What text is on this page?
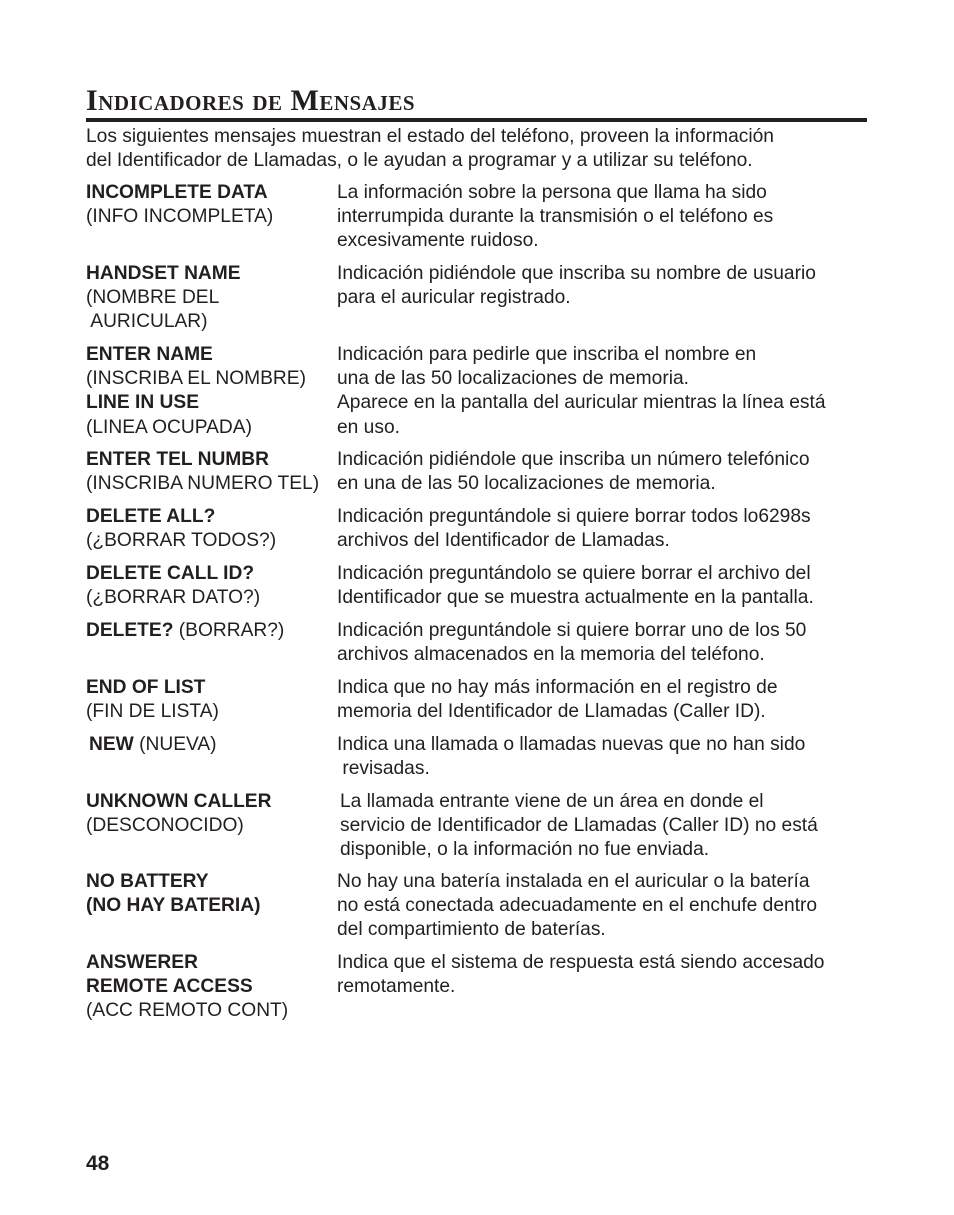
Indicadores de Mensajes
Los siguientes mensajes muestran el estado del teléfono, proveen la información
del Identificador de Llamadas, o le ayudan a programar y a utilizar su teléfono.
INCOMPLETE DATA
(INFO INCOMPLETA)
La información sobre la persona que llama ha sido
interrumpida durante la transmisión o el teléfono es
excesivamente ruidoso.
HANDSET NAME
(NOMBRE DEL
AURICULAR)
Indicación pidiéndole que inscriba su nombre de usuario
para el auricular registrado.
ENTER NAME
(INSCRIBA EL NOMBRE)
LINE IN USE
(LINEA OCUPADA)
Indicación para pedirle que inscriba el nombre en
una de las 50 localizaciones de memoria.
Aparece en la pantalla del auricular mientras la línea está
en uso.
ENTER TEL NUMBR
(INSCRIBA NUMERO TEL)
Indicación pidiéndole que inscriba un número telefónico
en una de las 50 localizaciones de memoria.
DELETE ALL?
(¿BORRAR TODOS?)
Indicación preguntándole si quiere borrar todos lo6298s
archivos del Identificador de Llamadas.
DELETE CALL ID?
(¿BORRAR DATO?)
Indicación preguntándolo se quiere borrar el archivo del
Identificador que se muestra actualmente en la pantalla.
DELETE? (BORRAR?)	Indicación preguntándole si quiere borrar uno de los 50
archivos almacenados en la memoria del teléfono.
END OF LIST
(FIN DE LISTA)
Indica que no hay más información en el registro de
memoria del Identificador de Llamadas (Caller ID).
NEW (NUEVA)	Indica una llamada o llamadas nuevas que no han sido
revisadas.
UNKNOWN CALLER
(DESCONOCIDO)
La llamada entrante viene de un área en donde el
servicio de Identificador de Llamadas (Caller ID) no está
disponible, o la información no fue enviada.
NO BATTERY
(NO HAY BATERIA)
No hay una batería instalada en el auricular o la batería
no está conectada adecuadamente en el enchufe dentro
del compartimiento de baterías.
ANSWERER
REMOTE ACCESS
(ACC REMOTO CONT)
Indica que el sistema de respuesta está siendo accesado
remotamente.
48
